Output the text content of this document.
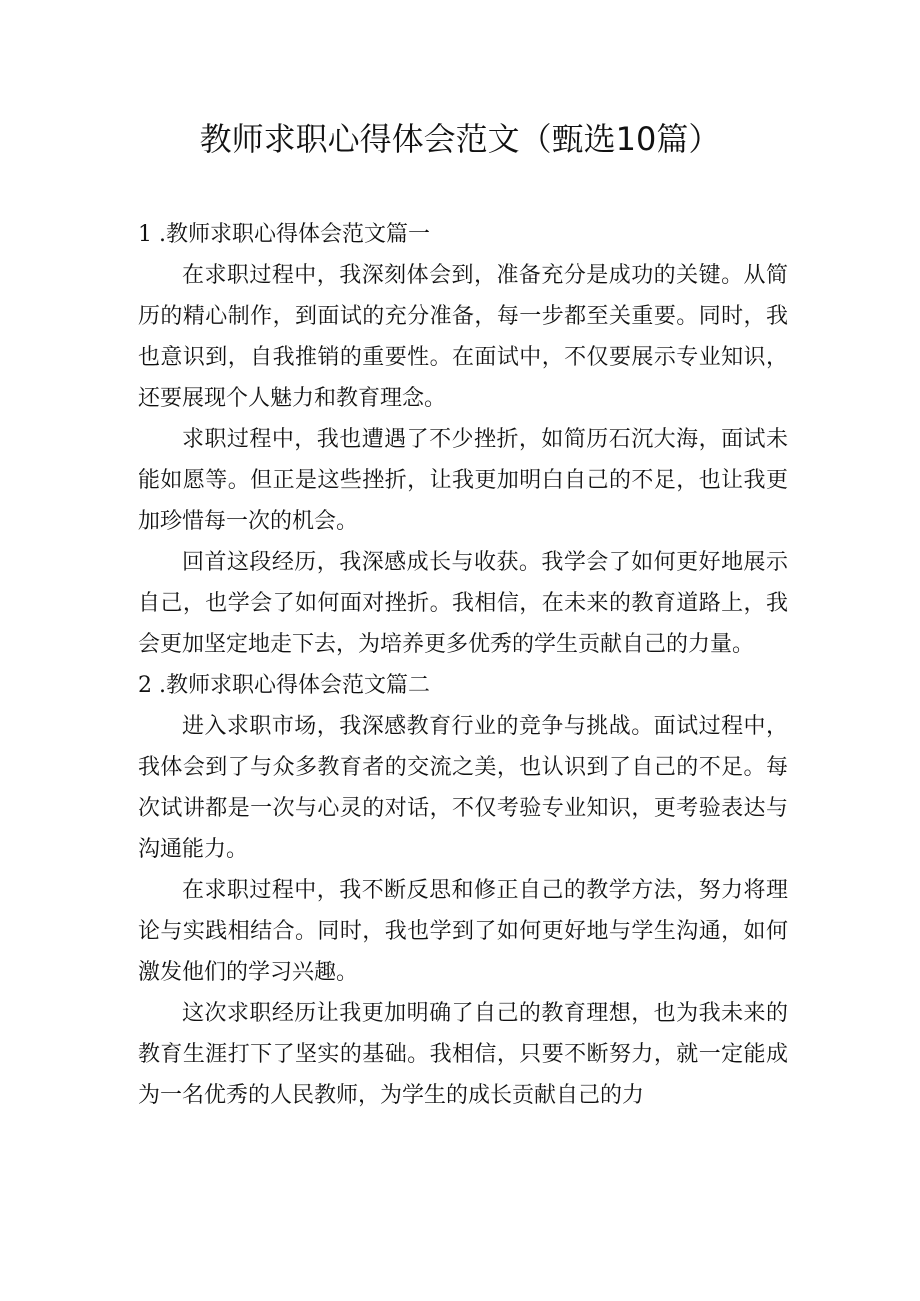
教师求职心得体会范文（甄选10篇）

1 .教师求职心得体会范文篇一

在求职过程中，我深刻体会到，准备充分是成功的关键。从简历的精心制作，到面试的充分准备，每一步都至关重要。同时，我也意识到，自我推销的重要性。在面试中，不仅要展示专业知识，还要展现个人魅力和教育理念。

求职过程中，我也遭遇了不少挫折，如简历石沉大海，面试未能如愿等。但正是这些挫折，让我更加明白自己的不足，也让我更加珍惜每一次的机会。

回首这段经历，我深感成长与收获。我学会了如何更好地展示自己，也学会了如何面对挫折。我相信，在未来的教育道路上，我会更加坚定地走下去，为培养更多优秀的学生贡献自己的力量。

2 .教师求职心得体会范文篇二

进入求职市场，我深感教育行业的竞争与挑战。面试过程中，我体会到了与众多教育者的交流之美，也认识到了自己的不足。每次试讲都是一次与心灵的对话，不仅考验专业知识，更考验表达与沟通能力。

在求职过程中，我不断反思和修正自己的教学方法，努力将理论与实践相结合。同时，我也学到了如何更好地与学生沟通，如何激发他们的学习兴趣。

这次求职经历让我更加明确了自己的教育理想，也为我未来的教育生涯打下了坚实的基础。我相信，只要不断努力，就一定能成为一名优秀的人民教师，为学生的成长贡献自己的力
